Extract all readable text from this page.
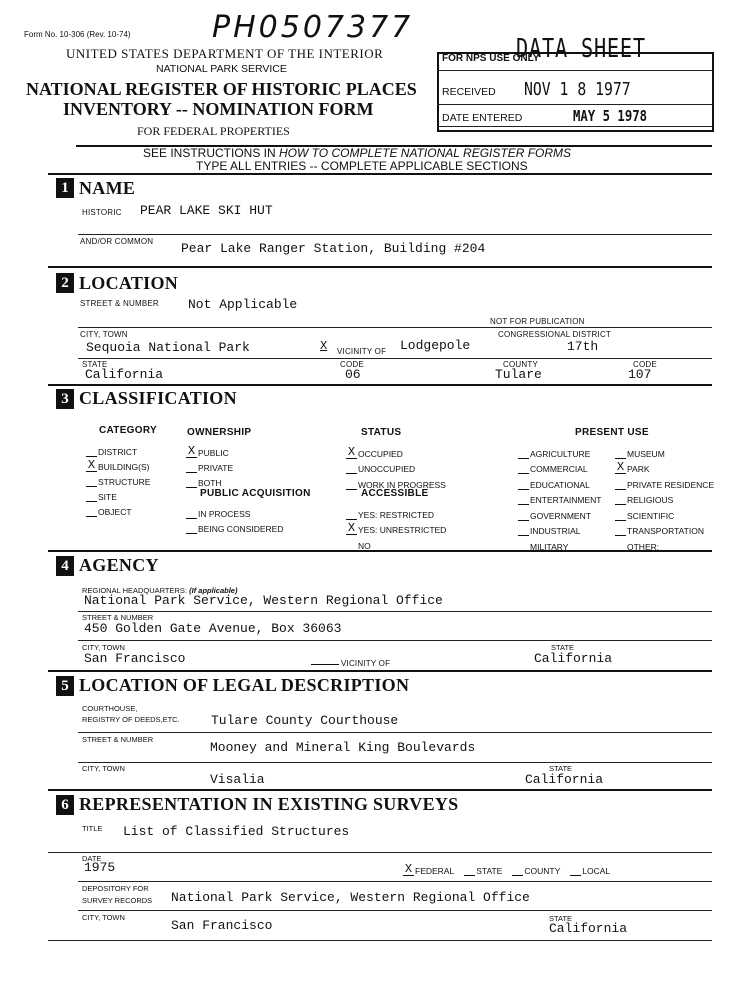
Form No. 10-306 (Rev. 10-74)	PH0507377
UNITED STATES DEPARTMENT OF THE INTERIOR
NATIONAL PARK SERVICE
NATIONAL REGISTER OF HISTORIC PLACES
INVENTORY -- NOMINATION FORM
FOR FEDERAL PROPERTIES
FOR NPS USE ONLY
DATA SHEET
RECEIVED NOV 1 8 1977
DATE ENTERED	MAY 5 1978
SEE INSTRUCTIONS IN HOW TO COMPLETE NATIONAL REGISTER FORMS
TYPE ALL ENTRIES -- COMPLETE APPLICABLE SECTIONS
1 NAME
HISTORIC PEAR LAKE SKI HUT
AND/OR COMMON Pear Lake Ranger Station, Building #204
2 LOCATION
STREET & NUMBER Not Applicable
NOT FOR PUBLICATION
CITY, TOWN
Sequoia National Park	X VICINITY OF Lodgepole
CONGRESSIONAL DISTRICT
17th
STATE
California
CODE
06
COUNTY
Tulare
CODE
107
3 CLASSIFICATION
CATEGORY
DISTRICT
X BUILDING(S)
STRUCTURE
SITE
OBJECT
OWNERSHIP
X PUBLIC
PRIVATE
BOTH
PUBLIC ACQUISITION
IN PROCESS
BEING CONSIDERED
STATUS
X OCCUPIED
UNOCCUPIED
WORK IN PROGRESS
ACCESSIBLE
YES: RESTRICTED
X YES: UNRESTRICTED
NO
PRESENT USE
AGRICULTURE
COMMERCIAL
EDUCATIONAL
ENTERTAINMENT
GOVERNMENT
INDUSTRIAL
MILITARY
MUSEUM
X PARK
PRIVATE RESIDENCE
RELIGIOUS
SCIENTIFIC
TRANSPORTATION
OTHER:
4 AGENCY
REGIONAL HEADQUARTERS: (If applicable)
National Park Service, Western Regional Office
STREET & NUMBER
450 Golden Gate Avenue, Box 36063
CITY, TOWN
San Francisco	VICINITY OF
STATE
California
5 LOCATION OF LEGAL DESCRIPTION
COURTHOUSE,
REGISTRY OF DEEDS,ETC. Tulare County Courthouse
STREET & NUMBER
Mooney and Mineral King Boulevards
CITY, TOWN
Visalia
STATE
California
6 REPRESENTATION IN EXISTING SURVEYS
TITLE List of Classified Structures
DATE
1975	X FEDERAL	STATE	COUNTY	LOCAL
DEPOSITORY FOR
SURVEY RECORDS National Park Service, Western Regional Office
CITY, TOWN
San Francisco	STATE
California
